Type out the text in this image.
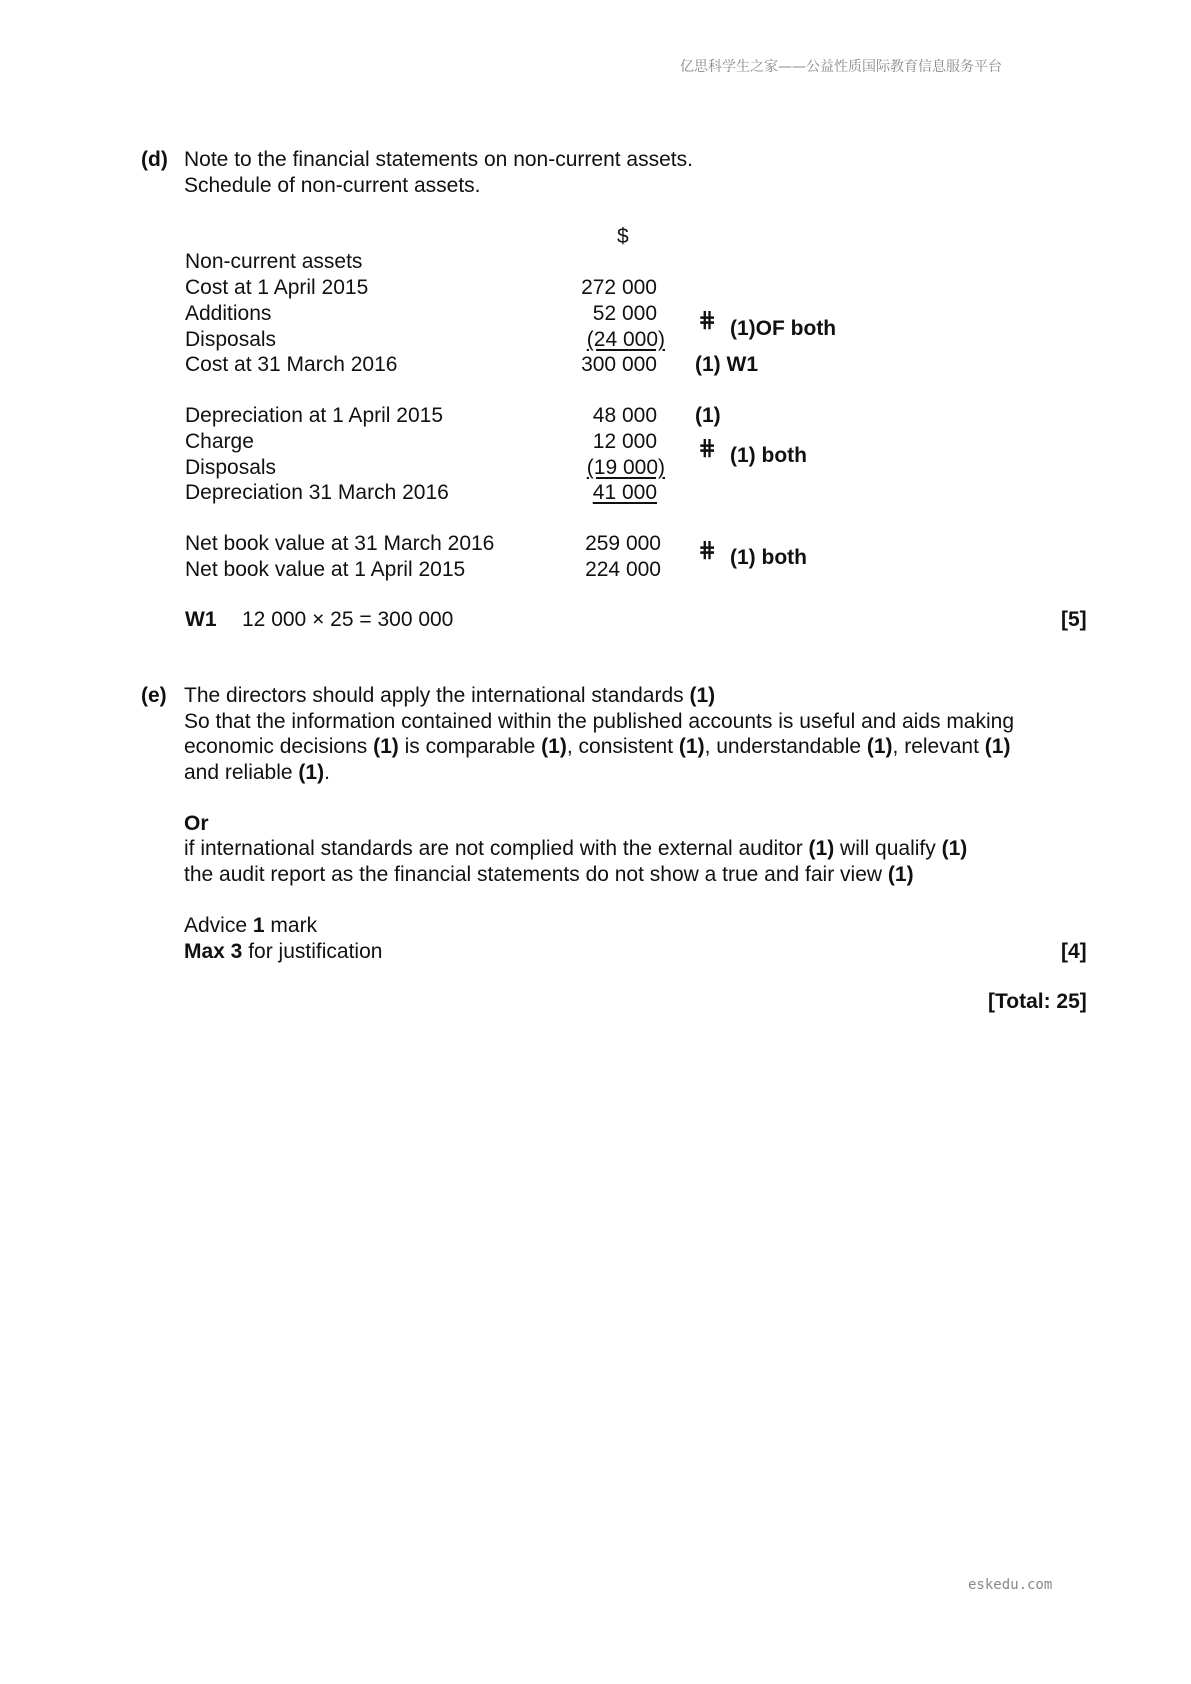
亿思科学生之家——公益性质国际教育信息服务平台
eskedu.com
(d) Note to the financial statements on non-current assets.
Schedule of non-current assets.
$
Non-current assets
Cost at 1 April 2015
Additions
Disposals
Cost at 31 March 2016
Depreciation at 1 April 2015
Charge
Disposals
Depreciation 31 March 2016
Net book value at 31 March 2016
Net book value at 1 April 2015
272 000
52 000
(24 000)
300 000
48 000
12 000
(19 000)
41 000
259 000
224 000
⋕ (1)OF both
(1) W1
(1)
⋕ (1) both
⋕ (1) both
W1 12 000 × 25 = 300 000	[5]
(e) The directors should apply the international standards (1)
So that the information contained within the published accounts is useful and aids making
economic decisions (1) is comparable (1), consistent (1), understandable (1), relevant (1)
and reliable (1).
Or
if international standards are not complied with the external auditor (1) will qualify (1)
the audit report as the financial statements do not show a true and fair view (1)
Advice 1 mark
Max 3 for justification	[4]
[Total: 25]
